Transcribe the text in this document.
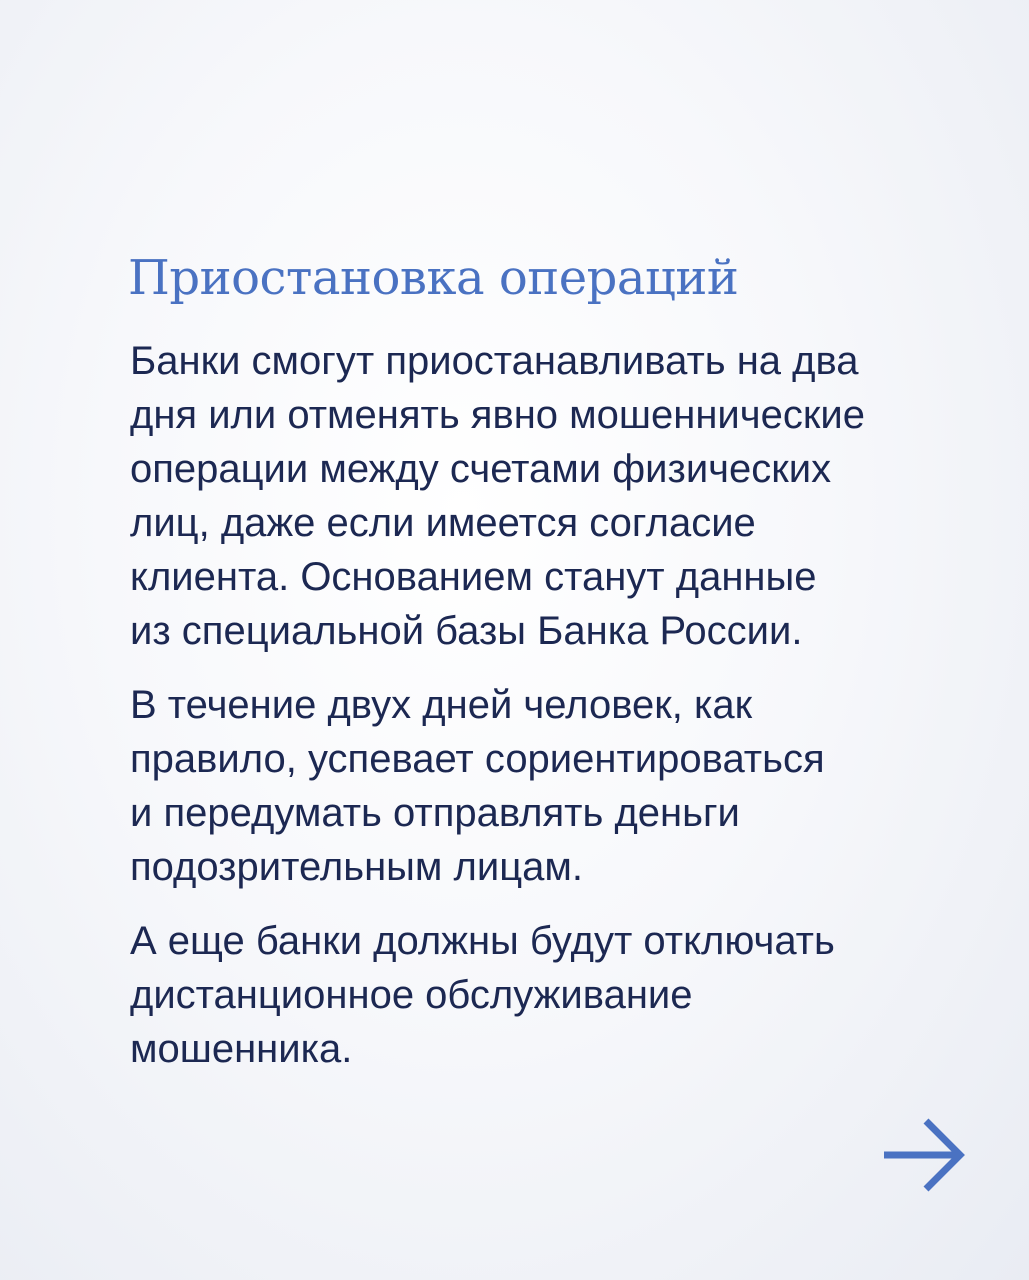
Приостановка операций

Банки смогут приостанавливать на два
дня или отменять явно мошеннические
операции между счетами физических
лиц, даже если имеется согласие
клиента. Основанием станут данные
из специальной базы Банка России.

В течение двух дней человек, как
правило, успевает сориентироваться
и передумать отправлять деньги
подозрительным лицам.

А еще банки должны будут отключать
дистанционное обслуживание
мошенника.
